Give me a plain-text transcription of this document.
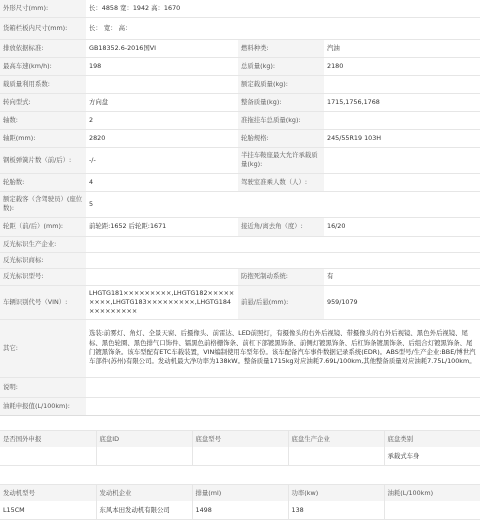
外形尺寸(mm):	长：4858 宽：1942 高：1670		
货箱栏板内尺寸(mm):	长： 宽： 高：		
排放依据标准:	GB18352.6-2016国VI	燃料种类:	汽油
最高车速(km/h):	198	总质量(kg):	2180
载质量利用系数:		额定载质量(kg):	
转向型式:	方向盘	整备质量(kg):	1715,1756,1768
轴数:	2	准拖挂车总质量(kg):	
轴距(mm):	2820	轮胎规格:	245/55R19 103H
钢板弹簧片数（前/后）:	-/-	半挂车鞍座最大允许承载质量(kg):	
轮胎数:	4	驾驶室准乘人数（人）:	
额定载客（含驾驶员）(座位数):	5		
轮距（前/后）(mm):	前轮距:1652 后轮距:1671	接近角/离去角（度）:	16/20
反光标识生产企业:			
反光标识商标:			
反光标识型号:		防抱死制动系统:	有
车辆识别代号（VIN）:	LHGTG181×××××××××,LHGTG182×××××××××,LHGTG183×××××××××,LHGTG184×××××××××	前悬/后悬(mm):	959/1079
其它:	选装:前雾灯、角灯、全景天窗、后摄像头、前雷达、LED前照灯，有摄像头的右外后视镜、带摄像头的右外后视镜、黑色外后视镜、尾标、黑色轮圈、黑色排气口饰件、镭黑色前格栅饰条、前杠下部镀黑饰条、前侧灯镀黑饰条、后杠饰条镀黑饰条、后组合灯镀黑饰条、尾门镀黑饰条。该车型配有ETC车载装置，VIN编制使用车型年份。该车配备汽车事件数据记录系统(EDR)。ABS型号/生产企业:BBE/博世汽车部件(苏州)有限公司。发动机最大净功率为138kW。整备质量1715kg对应油耗7.69L/100km,其他整备质量对应油耗7.75L/100km。		
说明:			
油耗申报值(L/100km):			
是否国外申报	底盘ID	底盘型号	底盘生产企业	底盘类别
				承载式车身
发动机型号	发动机企业	排量(ml)	功率(kw)	油耗(L/100km)
L15CM	东风本田发动机有限公司	1498	138	
